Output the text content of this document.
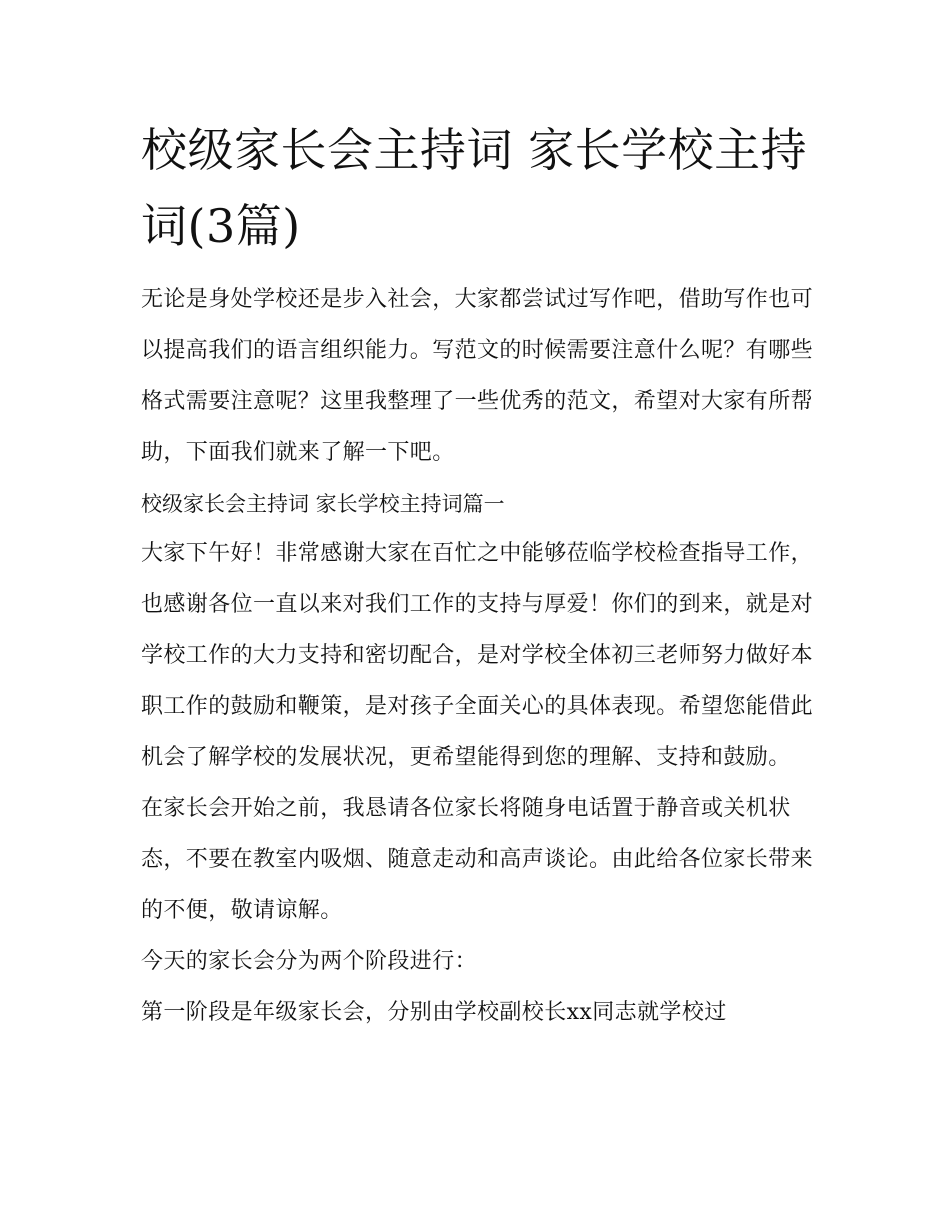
校级家长会主持词 家长学校主持词(3篇)

无论是身处学校还是步入社会，大家都尝试过写作吧，借助写作也可以提高我们的语言组织能力。写范文的时候需要注意什么呢？有哪些格式需要注意呢？这里我整理了一些优秀的范文，希望对大家有所帮助，下面我们就来了解一下吧。

校级家长会主持词 家长学校主持词篇一

大家下午好！非常感谢大家在百忙之中能够莅临学校检查指导工作，也感谢各位一直以来对我们工作的支持与厚爱！你们的到来，就是对学校工作的大力支持和密切配合，是对学校全体初三老师努力做好本职工作的鼓励和鞭策，是对孩子全面关心的具体表现。希望您能借此机会了解学校的发展状况，更希望能得到您的理解、支持和鼓励。

在家长会开始之前，我恳请各位家长将随身电话置于静音或关机状态，不要在教室内吸烟、随意走动和高声谈论。由此给各位家长带来的不便，敬请谅解。

今天的家长会分为两个阶段进行：

第一阶段是年级家长会，分别由学校副校长xx同志就学校过
